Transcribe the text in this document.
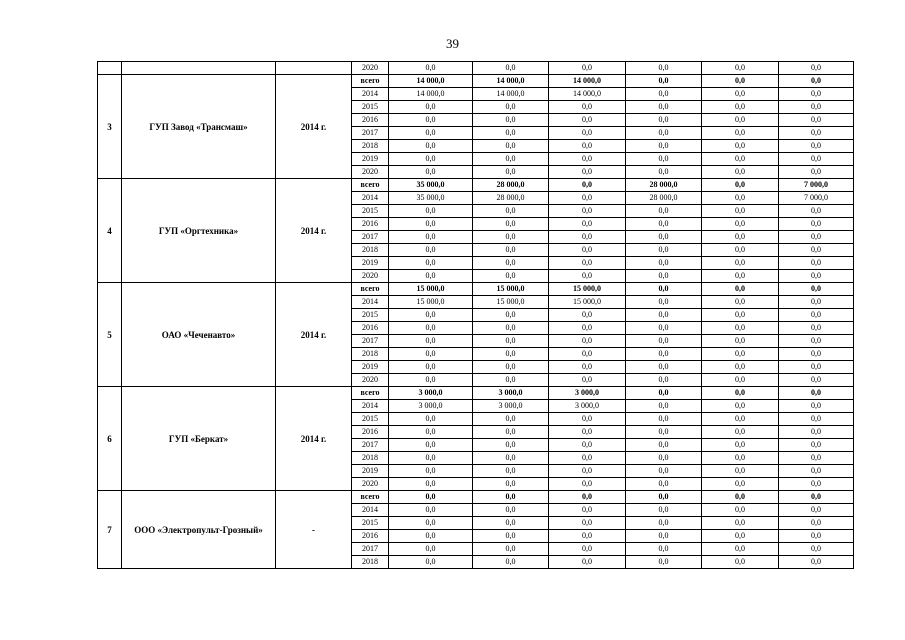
39
			2020	0,0	0,0	0,0	0,0	0,0	0,0
3	ГУП Завод «Трансмаш»	2014 г.	всего	14 000,0	14 000,0	14 000,0	0,0	0,0	0,0
			2014	14 000,0	14 000,0	14 000,0	0,0	0,0	0,0
			2015	0,0	0,0	0,0	0,0	0,0	0,0
			2016	0,0	0,0	0,0	0,0	0,0	0,0
			2017	0,0	0,0	0,0	0,0	0,0	0,0
			2018	0,0	0,0	0,0	0,0	0,0	0,0
			2019	0,0	0,0	0,0	0,0	0,0	0,0
			2020	0,0	0,0	0,0	0,0	0,0	0,0
4	ГУП «Оргтехника»	2014 г.	всего	35 000,0	28 000,0	0,0	28 000,0	0,0	7 000,0
			2014	35 000,0	28 000,0	0,0	28 000,0	0,0	7 000,0
			2015	0,0	0,0	0,0	0,0	0,0	0,0
			2016	0,0	0,0	0,0	0,0	0,0	0,0
			2017	0,0	0,0	0,0	0,0	0,0	0,0
			2018	0,0	0,0	0,0	0,0	0,0	0,0
			2019	0,0	0,0	0,0	0,0	0,0	0,0
			2020	0,0	0,0	0,0	0,0	0,0	0,0
5	ОАО «Чеченавто»	2014 г.	всего	15 000,0	15 000,0	15 000,0	0,0	0,0	0,0
			2014	15 000,0	15 000,0	15 000,0	0,0	0,0	0,0
			2015	0,0	0,0	0,0	0,0	0,0	0,0
			2016	0,0	0,0	0,0	0,0	0,0	0,0
			2017	0,0	0,0	0,0	0,0	0,0	0,0
			2018	0,0	0,0	0,0	0,0	0,0	0,0
			2019	0,0	0,0	0,0	0,0	0,0	0,0
			2020	0,0	0,0	0,0	0,0	0,0	0,0
6	ГУП «Беркат»	2014 г.	всего	3 000,0	3 000,0	3 000,0	0,0	0,0	0,0
			2014	3 000,0	3 000,0	3 000,0	0,0	0,0	0,0
			2015	0,0	0,0	0,0	0,0	0,0	0,0
			2016	0,0	0,0	0,0	0,0	0,0	0,0
			2017	0,0	0,0	0,0	0,0	0,0	0,0
			2018	0,0	0,0	0,0	0,0	0,0	0,0
			2019	0,0	0,0	0,0	0,0	0,0	0,0
			2020	0,0	0,0	0,0	0,0	0,0	0,0
7	ООО «Электропульт-Грозный»	-	всего	0,0	0,0	0,0	0,0	0,0	0,0
			2014	0,0	0,0	0,0	0,0	0,0	0,0
			2015	0,0	0,0	0,0	0,0	0,0	0,0
			2016	0,0	0,0	0,0	0,0	0,0	0,0
			2017	0,0	0,0	0,0	0,0	0,0	0,0
			2018	0,0	0,0	0,0	0,0	0,0	0,0
